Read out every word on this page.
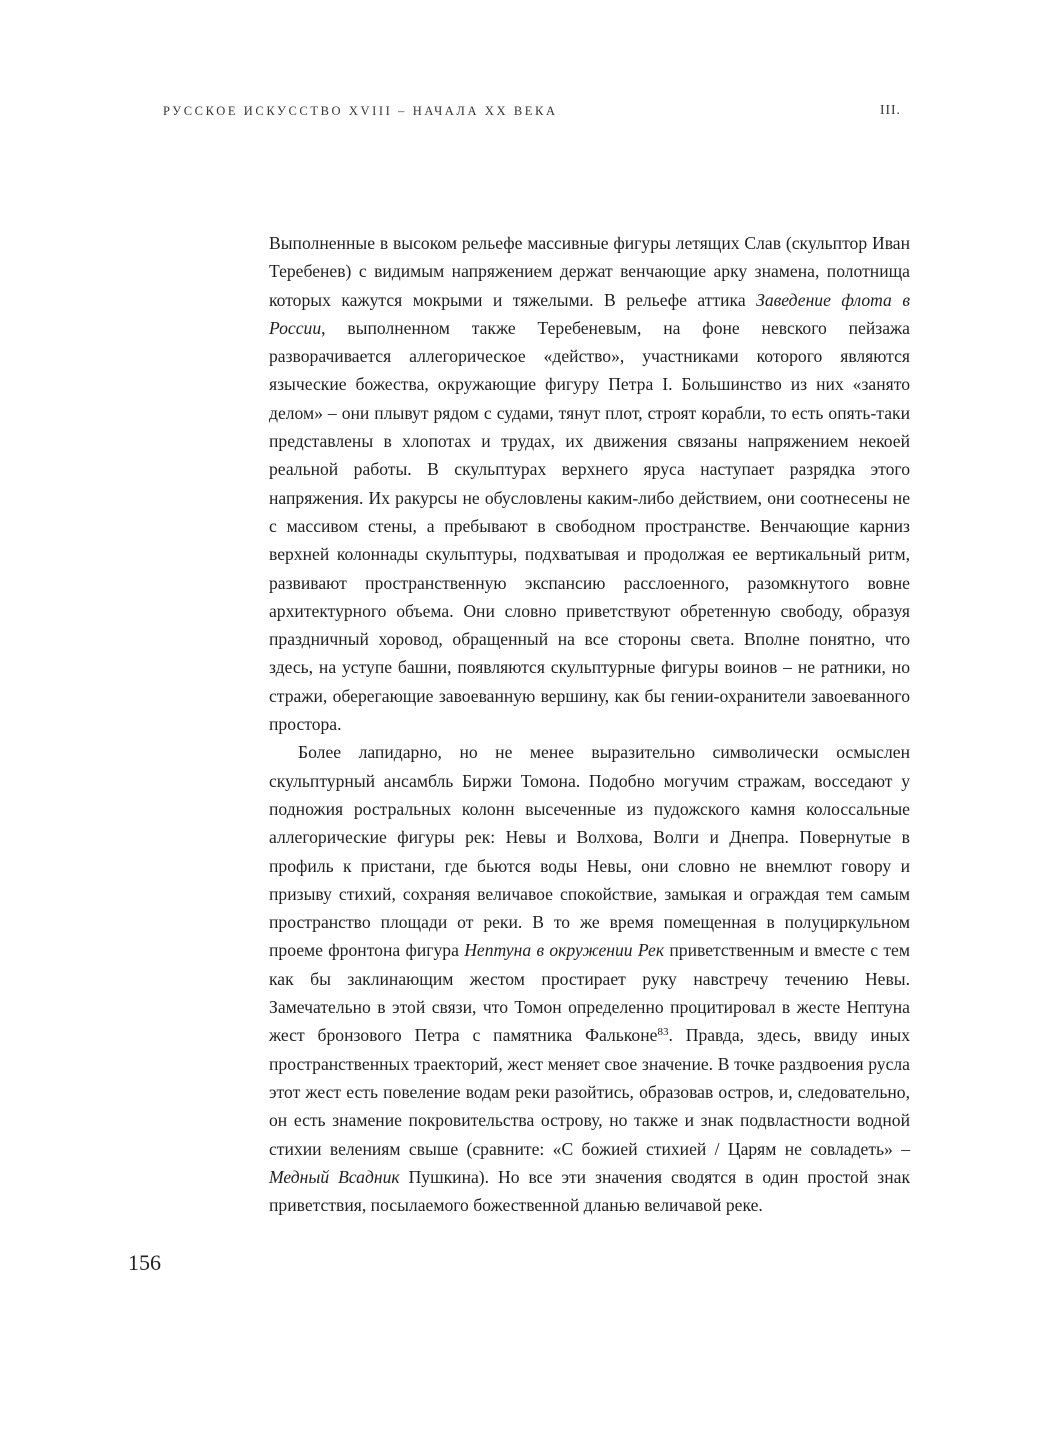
РУССКОЕ ИСКУССТВО XVIII – НАЧАЛА XX ВЕКА	III.

Выполненные в высоком рельефе массивные фигуры летящих Слав (скульптор Иван Теребенев) с видимым напряжением держат венчающие арку знамена, полотнища которых кажутся мокрыми и тяжелыми. В рельефе аттика Заведение флота в России, выполненном также Теребеневым, на фоне невского пейзажа разворачивается аллегорическое «действо», участниками которого являются языческие божества, окружающие фигуру Петра I. Большинство из них «занято делом» – они плывут рядом с судами, тянут плот, строят корабли, то есть опять-таки представлены в хлопотах и трудах, их движения связаны напряжением некоей реальной работы. В скульптурах верхнего яруса наступает разрядка этого напряжения. Их ракурсы не обусловлены каким-либо действием, они соотнесены не с массивом стены, а пребывают в свободном пространстве. Венчающие карниз верхней колоннады скульптуры, подхватывая и продолжая ее вертикальный ритм, развивают пространственную экспансию расслоенного, разомкнутого вовне архитектурного объема. Они словно приветствуют обретенную свободу, образуя праздничный хоровод, обращенный на все стороны света. Вполне понятно, что здесь, на уступе башни, появляются скульптурные фигуры воинов – не ратники, но стражи, оберегающие завоеванную вершину, как бы гении-охранители завоеванного простора.

Более лапидарно, но не менее выразительно символически осмыслен скульптурный ансамбль Биржи Томона. Подобно могучим стражам, восседают у подножия ростральных колонн высеченные из пудожского камня колоссальные аллегорические фигуры рек: Невы и Волхова, Волги и Днепра. Повернутые в профиль к пристани, где бьются воды Невы, они словно не внемлют говору и призыву стихий, сохраняя величавое спокойствие, замыкая и ограждая тем самым пространство площади от реки. В то же время помещенная в полуциркульном проеме фронтона фигура Нептуна в окружении Рек приветственным и вместе с тем как бы заклинающим жестом простирает руку навстречу течению Невы. Замечательно в этой связи, что Томон определенно процитировал в жесте Нептуна жест бронзового Петра с памятника Фальконе$^{83}$. Правда, здесь, ввиду иных пространственных траекторий, жест меняет свое значение. В точке раздвоения русла этот жест есть повеление водам реки разойтись, образовав остров, и, следовательно, он есть знамение покровительства острову, но также и знак подвластности водной стихии велениям свыше (сравните: «С божией стихией / Царям не совладеть» – Медный Всадник Пушкина). Но все эти значения сводятся в один простой знак приветствия, посылаемого божественной дланью величавой реке.

156
